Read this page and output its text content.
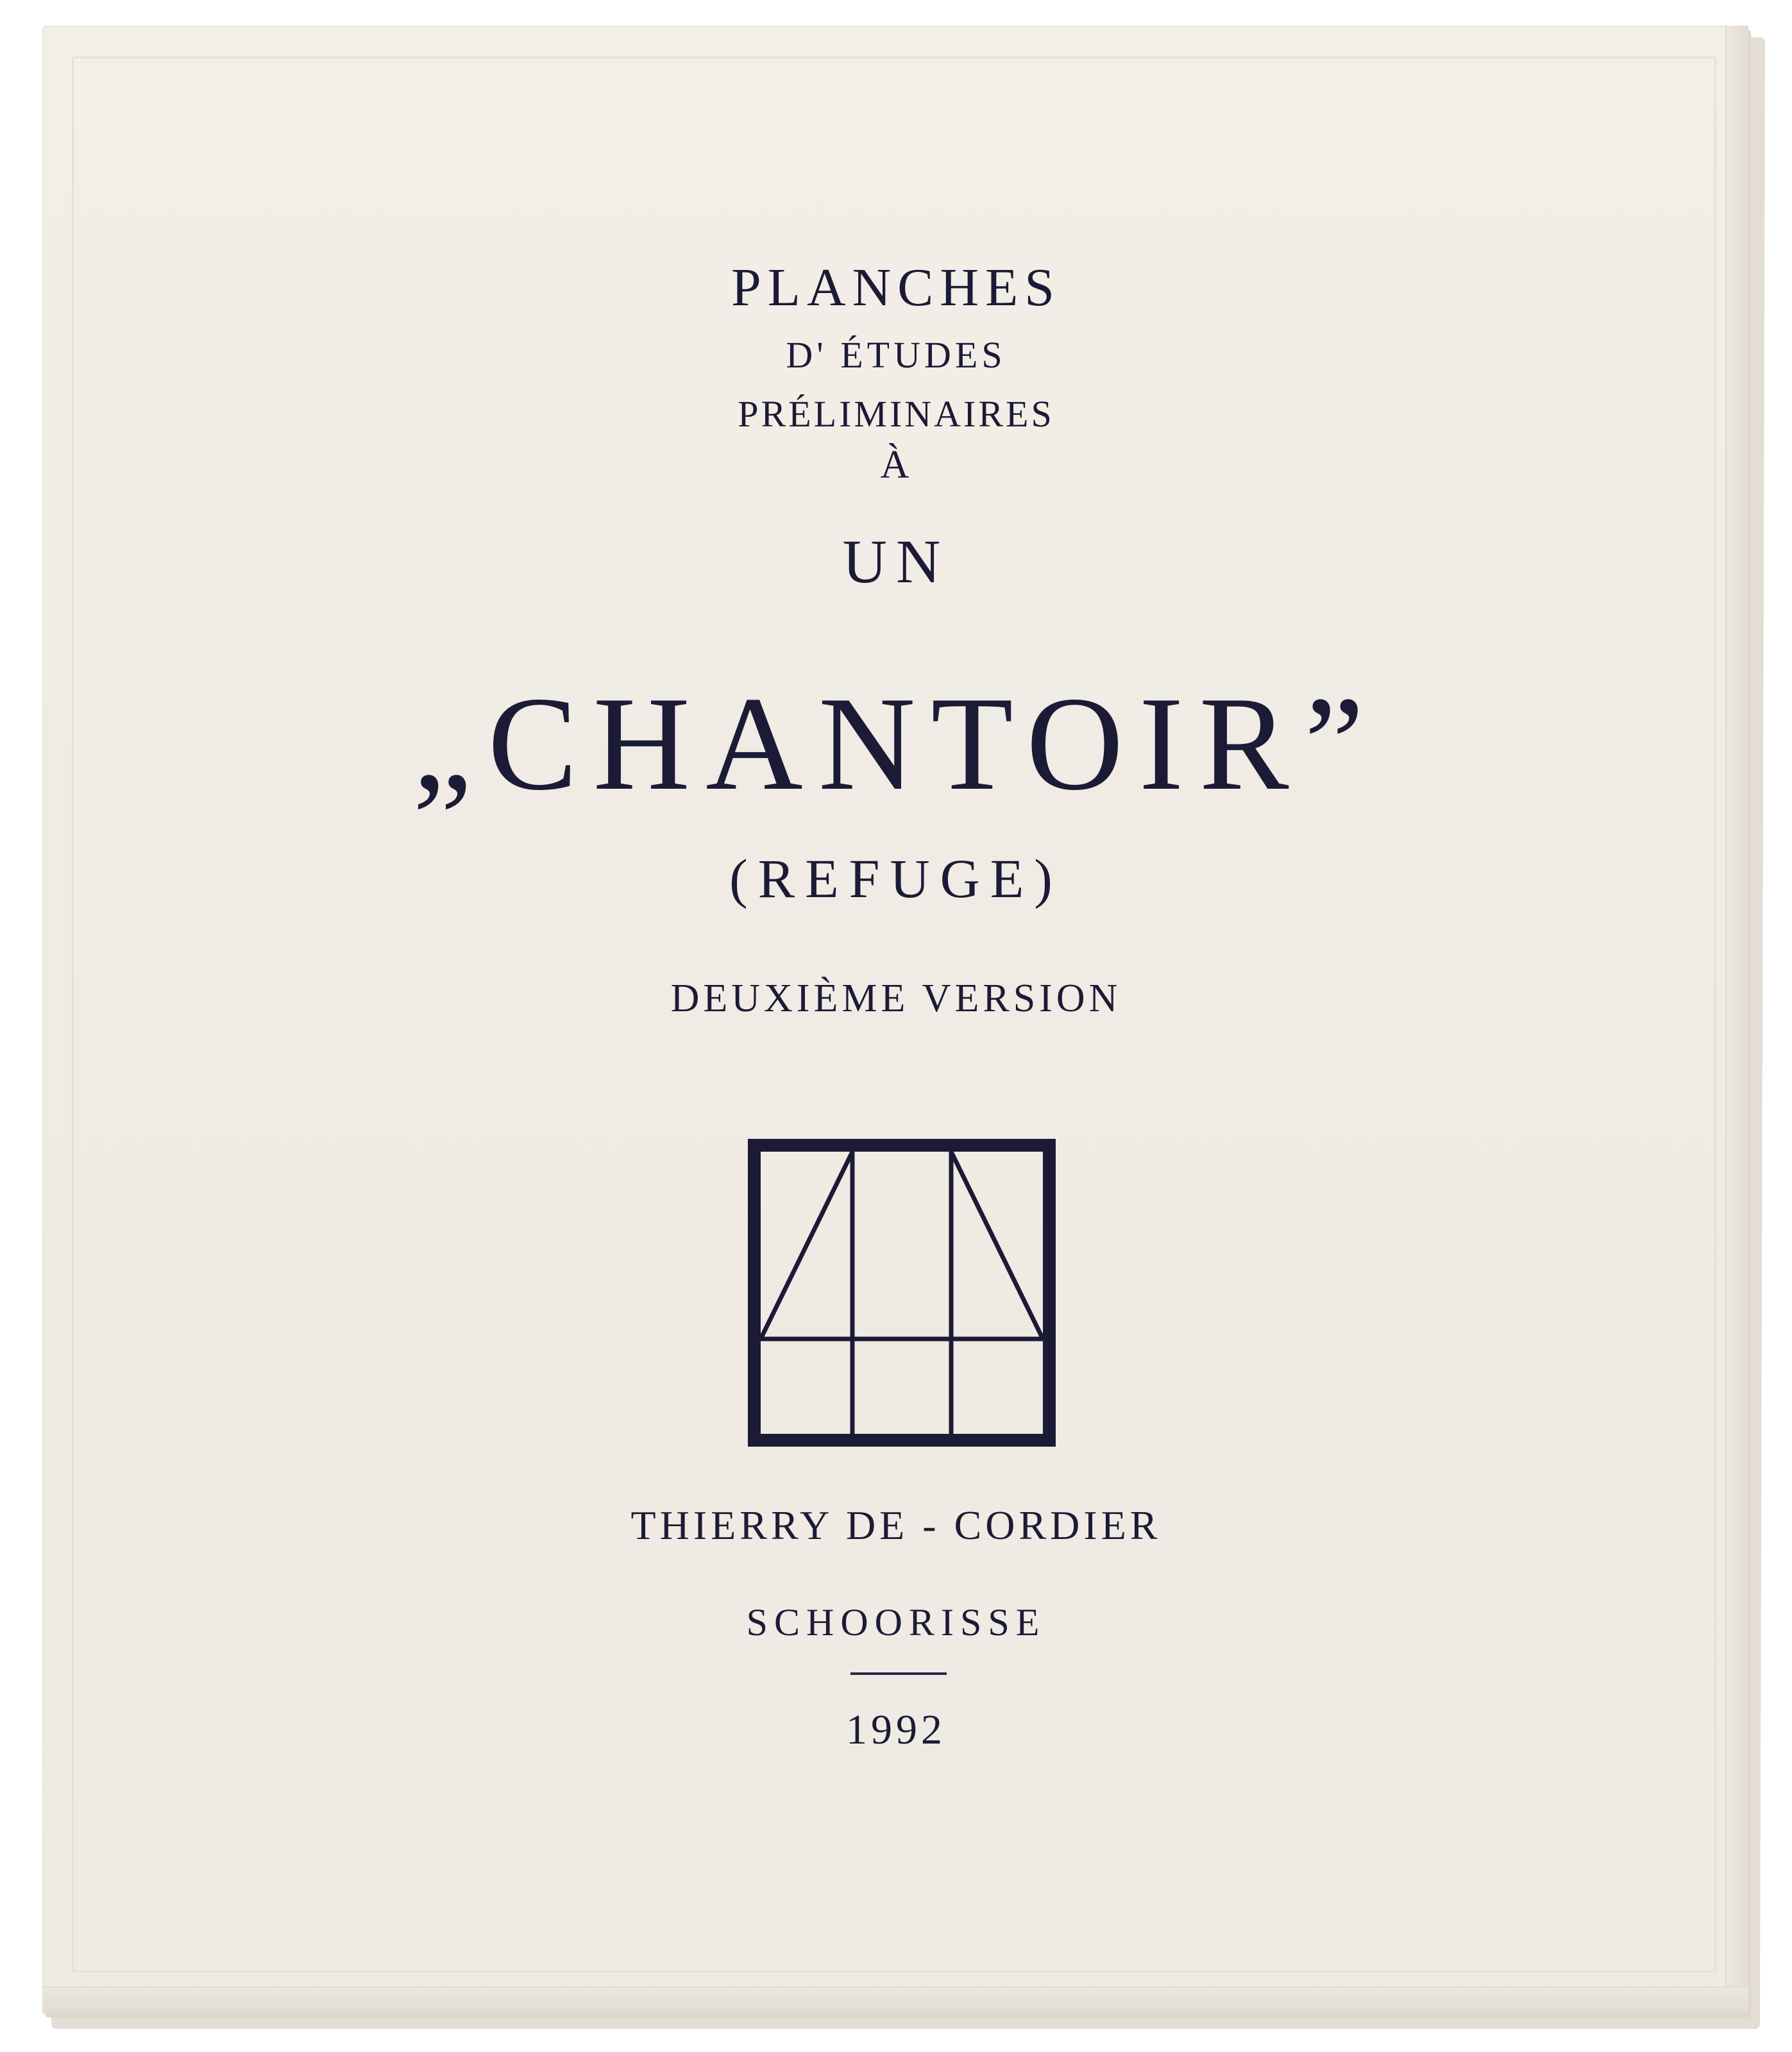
PLANCHES
D' ÉTUDES
PRÉLIMINAIRES
À
UN
„CHANTOIR”
(REFUGE)
DEUXIÈME VERSION
THIERRY DE - CORDIER
SCHOORISSE
1992
